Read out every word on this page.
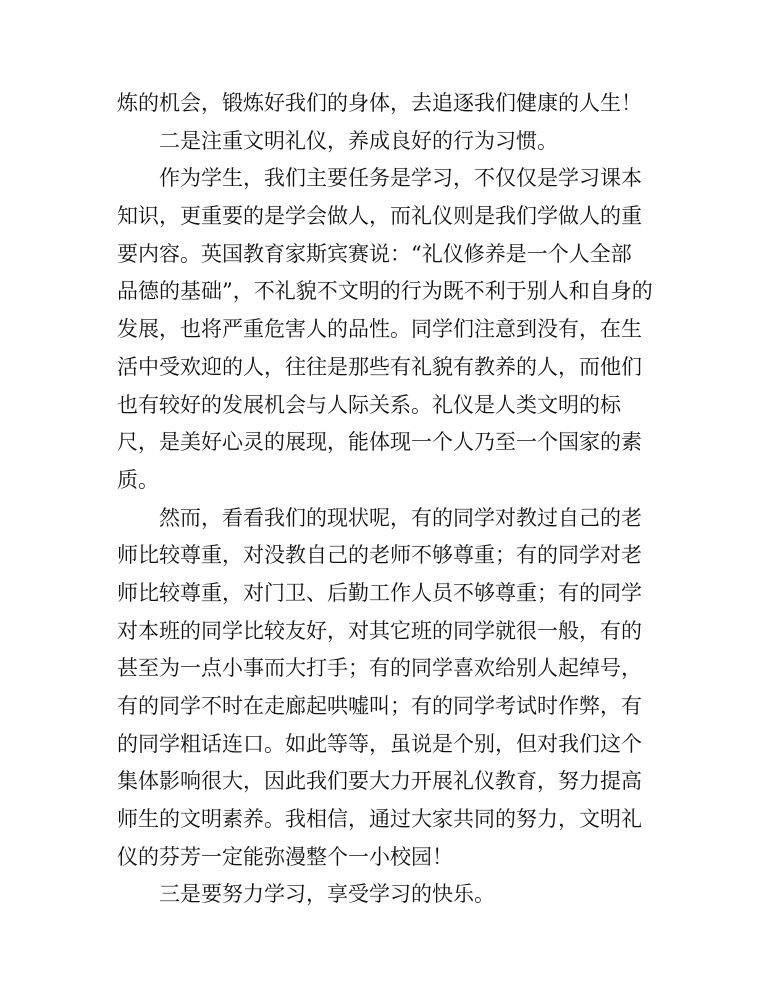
炼的机会，锻炼好我们的身体，去追逐我们健康的人生！
二是注重文明礼仪，养成良好的行为习惯。
作为学生，我们主要任务是学习，不仅仅是学习课本
知识，更重要的是学会做人，而礼仪则是我们学做人的重
要内容。英国教育家斯宾赛说：“礼仪修养是一个人全部
品德的基础”，不礼貌不文明的行为既不利于别人和自身的
发展，也将严重危害人的品性。同学们注意到没有，在生
活中受欢迎的人，往往是那些有礼貌有教养的人，而他们
也有较好的发展机会与人际关系。礼仪是人类文明的标
尺，是美好心灵的展现，能体现一个人乃至一个国家的素
质。
然而，看看我们的现状呢，有的同学对教过自己的老
师比较尊重，对没教自己的老师不够尊重；有的同学对老
师比较尊重，对门卫、后勤工作人员不够尊重；有的同学
对本班的同学比较友好，对其它班的同学就很一般，有的
甚至为一点小事而大打手；有的同学喜欢给别人起绰号，
有的同学不时在走廊起哄嘘叫；有的同学考试时作弊，有
的同学粗话连口。如此等等，虽说是个别，但对我们这个
集体影响很大，因此我们要大力开展礼仪教育，努力提高
师生的文明素养。我相信，通过大家共同的努力，文明礼
仪的芬芳一定能弥漫整个一小校园！
三是要努力学习，享受学习的快乐。
